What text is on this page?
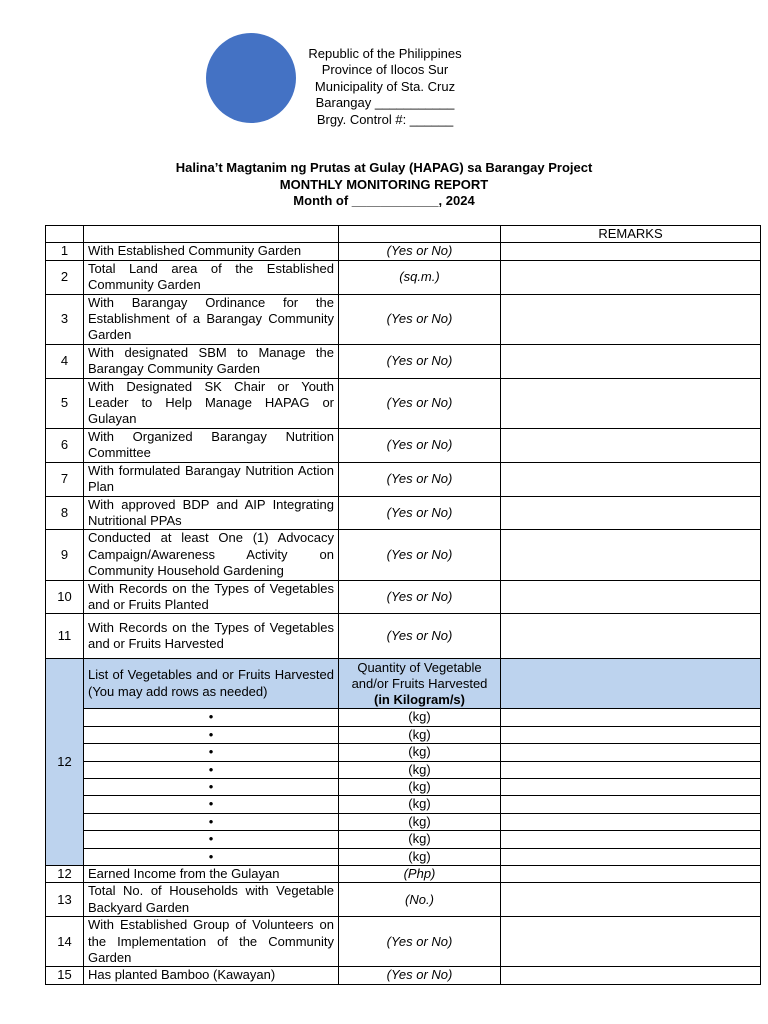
Republic of the Philippines
Province of Ilocos Sur
Municipality of Sta. Cruz
Barangay ___________
Brgy. Control #: ______
Halina’t Magtanim ng Prutas at Gulay (HAPAG) sa Barangay Project
MONTHLY MONITORING REPORT
Month of ____________, 2024
			REMARKS
1	With Established Community Garden	(Yes or No)	
2	Total Land area of the Established Community Garden	(sq.m.)	
3	With Barangay Ordinance for the Establishment of a Barangay Community Garden	(Yes or No)	
4	With designated SBM to Manage the Barangay Community Garden	(Yes or No)	
5	With Designated SK Chair or Youth Leader to Help Manage HAPAG or Gulayan	(Yes or No)	
6	With Organized Barangay Nutrition Committee	(Yes or No)	
7	With formulated Barangay Nutrition Action Plan	(Yes or No)	
8	With approved BDP and AIP Integrating Nutritional PPAs	(Yes or No)	
9	Conducted at least One (1) Advocacy Campaign/Awareness Activity on Community Household Gardening	(Yes or No)	
10	With Records on the Types of Vegetables and or Fruits Planted	(Yes or No)	
11	With Records on the Types of Vegetables and or Fruits Harvested	(Yes or No)	
12	List of Vegetables and or Fruits Harvested (You may add rows as needed)	Quantity of Vegetable
and/or Fruits Harvested
(in Kilogram/s)	
	•	(kg)	
	•	(kg)	
	•	(kg)	
	•	(kg)	
	•	(kg)	
	•	(kg)	
	•	(kg)	
	•	(kg)	
	•	(kg)	
12	Earned Income from the Gulayan	(Php)	
13	Total No. of Households with Vegetable Backyard Garden	(No.)	
14	With Established Group of Volunteers on the Implementation of the Community Garden	(Yes or No)	
15	Has planted Bamboo (Kawayan)	(Yes or No)	
